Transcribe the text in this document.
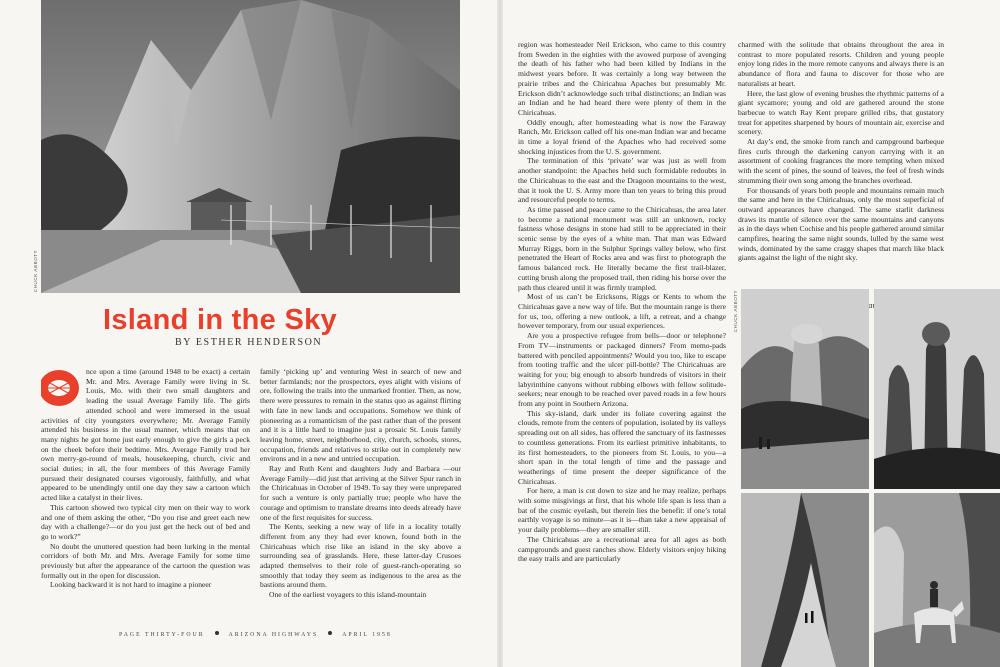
CHUCK ABBOTT
Island in the Sky
BY ESTHER HENDERSON

nce upon a time (around 1948 to be exact) a certain Mr. and Mrs. Average Family were living in St. Louis, Mo. with their two small daughters and leading the usual Average Family life. The girls attended school and were immersed in the usual activities of city youngsters everywhere; Mr. Average Family attended his business in the usual manner, which means that on many nights he got home just early enough to give the girls a peck on the cheek before their bedtime. Mrs. Average Family trod her own merry-go-round of meals, housekeeping, church, civic and social duties; in all, the four members of this Average Family pursued their designated courses vigorously, faithfully, and what appeared to be unendingly until one day they saw a cartoon which acted like a catalyst in their lives.

This cartoon showed two typical city men on their way to work and one of them asking the other, “Do you rise and greet each new day with a challenge?—or do you just get the heck out of bed and go to work?”

No doubt the unuttered question had been lurking in the mental corridors of both Mr. and Mrs. Average Family for some time previously but after the appearance of the cartoon the question was formally out in the open for discussion.

Looking backward it is not hard to imagine a pioneer

family ‘picking up’ and venturing West in search of new and better farmlands; nor the prospectors, eyes alight with visions of ore, following the trails into the unmarked frontier. Then, as now, there were pressures to remain in the status quo as against flirting with fate in new lands and occupations. Somehow we think of pioneering as a romanticism of the past rather than of the present and it is a little hard to imagine just a prosaic St. Louis family leaving home, street, neighborhood, city, church, schools, stores, occupation, friends and relatives to strike out in completely new environs and in a new and untried occupation.

Ray and Ruth Kent and daughters Judy and Barbara —our Average Family—did just that arriving at the Silver Spur ranch in the Chiricahuas in October of 1949. To say they were unprepared for such a venture is only partially true; people who have the courage and optimism to translate dreams into deeds already have one of the first requisites for success.

The Kents, seeking a new way of life in a locality totally different from any they had ever known, found both in the Chiricahuas which rise like an island in the sky above a surrounding sea of grasslands. Here, these latter-day Crusoes adapted themselves to their role of guest-ranch-operating so smoothly that today they seem as indigenous to the area as the bastions around them.

One of the earliest voyagers to this island-mountain

PAGE THIRTY-FOUR	ARIZONA HIGHWAYS	APRIL 1958

region was homesteader Neil Erickson, who came to this country from Sweden in the eighties with the avowed purpose of avenging the death of his father who had been killed by Indians in the midwest years before. It was certainly a long way between the prairie tribes and the Chiricahua Apaches but presumably Mr. Erickson didn’t acknowledge such tribal distinctions; an Indian was an Indian and he had heard there were plenty of them in the Chiricahuas.

Oddly enough, after homesteading what is now the Faraway Ranch, Mr. Erickson called off his one-man Indian war and became in time a loyal friend of the Apaches who had received some shocking injustices from the U. S. government.

The termination of this ‘private’ war was just as well from another standpoint: the Apaches held such formidable redoubts in the Chiricahuas to the east and the Dragoon mountains to the west, that it took the U. S. Army more than ten years to bring this proud and resourceful people to terms.

As time passed and peace came to the Chiricahuas, the area later to become a national monument was still an unknown, rocky fastness whose designs in stone had still to be appreciated in their scenic sense by the eyes of a white man. That man was Edward Murray Riggs, born in the Sulphur Springs valley below, who first penetrated the Heart of Rocks area and was first to photograph the famous balanced rock. He literally became the first trail-blazer, cutting brush along the proposed trail, then riding his horse over the path thus cleared until it was firmly trampled.

Most of us can’t be Ericksons, Riggs or Kents to whom the Chiricahuas gave a new way of life. But the mountain range is there for us, too, offering a new outlook, a lift, a retreat, and a change however temporary, from our usual experiences.

Are you a prospective refugee from bells—door or telephone? From TV—instruments or packaged dinners? From memo-pads battered with penciled appointments? Would you too, like to escape from tooting traffic and the ulcer pill-bottle? The Chiricahuas are waiting for you; big enough to absorb hundreds of visitors in their labyrinthine canyons without rubbing elbows with fellow solitude-seekers; near enough to be reached over paved roads in a few hours from any point in Southern Arizona.

This sky-island, dark under its foliate covering against the clouds, remote from the centers of population, isolated by its valleys spreading out on all sides, has offered the sanctuary of its fastnesses to countless generations. From its earliest primitive inhabitants, to its first homesteaders, to the pioneers from St. Louis, to you—a short span in the total length of time and the passage and weatherings of time present the deeper significance of the Chiricahuas.

For here, a man is cut down to size and he may realize, perhaps with some misgivings at first, that his whole life span is less than a bat of the cosmic eyelash, but therein lies the benefit: if one’s total earthly voyage is so minute—as it is—than take a new appraisal of your daily problems—they are smaller still.

The Chiricahuas are a recreational area for all ages as both campgrounds and guest ranches show. Elderly visitors enjoy hiking the easy trails and are particularly

charmed with the solitude that obtains throughout the area in contrast to more populated resorts. Children and young people enjoy long rides in the more remote canyons and always there is an abundance of flora and fauna to discover for those who are naturalists at heart.

Here, the last glow of evening brushes the rhythmic patterns of a giant sycamore; young and old are gathered around the stone barbecue to watch Ray Kent prepare grilled ribs, that gustatory treat for appetites sharpened by hours of mountain air, exercise and scenery.

At day’s end, the smoke from ranch and campground barbeque fires curls through the darkening canyon carrying with it an assortment of cooking fragrances the more tempting when mixed with the scent of pines, the sound of leaves, the feel of fresh winds strumming their own song among the branches overhead.

For thousands of years both people and mountains remain much the same and here in the Chiricahuas, only the most superficial of outward appearances have changed. The same starlit darkness draws its mantle of silence over the same mountains and canyons as in the days when Cochise and his people gathered around similar campfires, hearing the same night sounds, lulled by the same west winds, dominated by the same craggy shapes that march like black giants against the light of the night sky.

CHUCK ABBOTT
